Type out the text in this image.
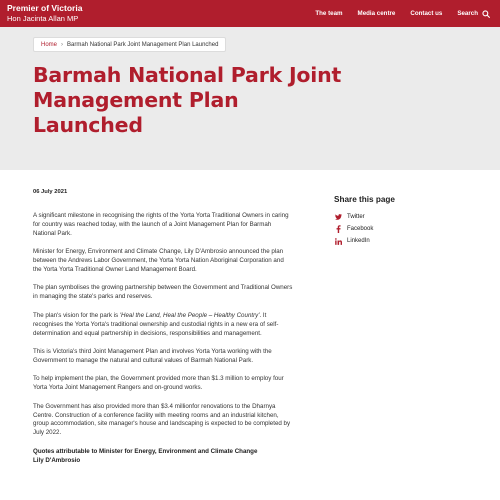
Premier of Victoria
Hon Jacinta Allan MP
The team Media centre Contact us Search
Home › Barmah National Park Joint Management Plan Launched
Barmah National Park Joint Management Plan Launched
06 July 2021

A significant milestone in recognising the rights of the Yorta Yorta Traditional Owners in caring for country was reached today, with the launch of a Joint Management Plan for Barmah National Park.

Minister for Energy, Environment and Climate Change, Lily D'Ambrosio announced the plan between the Andrews Labor Government, the Yorta Yorta Nation Aboriginal Corporation and the Yorta Yorta Traditional Owner Land Management Board.

The plan symbolises the growing partnership between the Government and Traditional Owners in managing the state's parks and reserves.

The plan's vision for the park is 'Heal the Land, Heal the People – Healthy Country'. It recognises the Yorta Yorta's traditional ownership and custodial rights in a new era of self-determination and equal partnership in decisions, responsibilities and management.

This is Victoria's third Joint Management Plan and involves Yorta Yorta working with the Government to manage the natural and cultural values of Barmah National Park.

To help implement the plan, the Government provided more than $1.3 million to employ four Yorta Yorta Joint Management Rangers and on-ground works.

The Government has also provided more than $3.4 millionfor renovations to the Dharnya Centre. Construction of a conference facility with meeting rooms and an industrial kitchen, group accommodation, site manager's house and landscaping is expected to be completed by July 2022.

Quotes attributable to Minister for Energy, Environment and Climate Change

Lily D'Ambrosio

Share this page
Twitter
Facebook
LinkedIn
